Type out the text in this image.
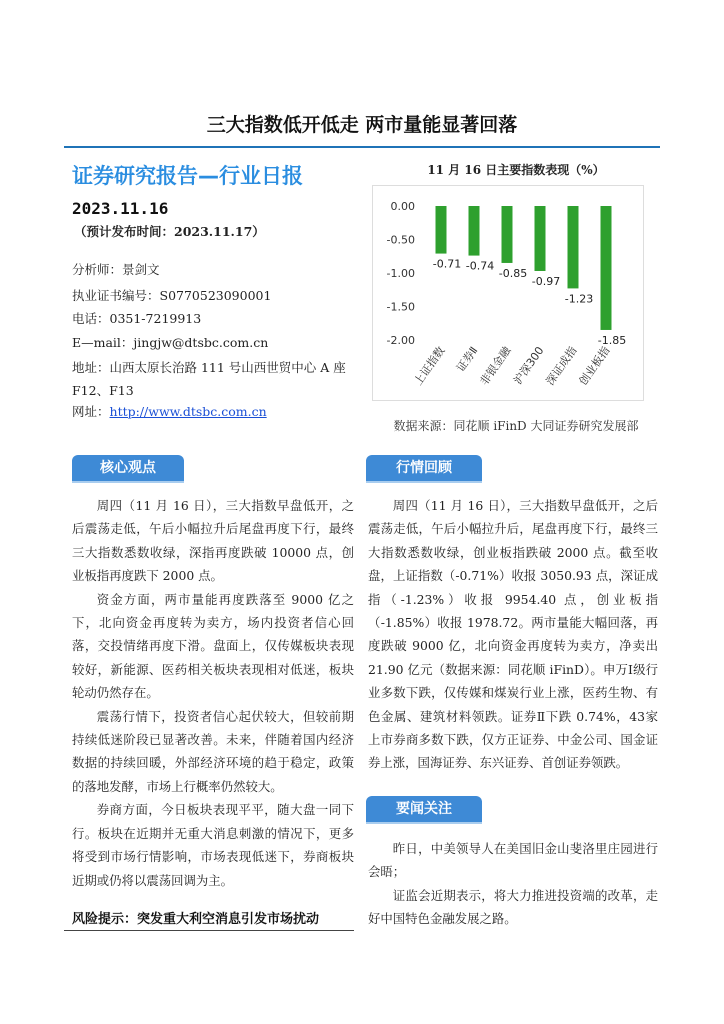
三大指数低开低走 两市量能显著回落
证券研究报告—行业日报
2023.11.16
（预计发布时间：2023.11.17）
分析师：景剑文
执业证书编号：S0770523090001
电话：0351-7219913
E—mail：jingjw@dtsbc.com.cn
地址：山西太原长治路 111 号山西世贸中心 A 座
F12、F13
网址：http://www.dtsbc.com.cn
11 月 16 日主要指数表现（%）
0.00
-0.50
-1.00
-1.50
-2.00
-0.71
上证指数
-0.74
证券Ⅱ
-0.85
非银金融
-0.97
沪深300
-1.23
深证成指
-1.85
创业板指
数据来源：同花顺 iFinD 大同证券研究发展部
核心观点

周四（11 月 16 日），三大指数早盘低开，之后震荡走低，午后小幅拉升后尾盘再度下行，最终三大指数悉数收绿，深指再度跌破 10000 点，创业板指再度跌下 2000 点。

资金方面，两市量能再度跌落至 9000 亿之下，北向资金再度转为卖方，场内投资者信心回落，交投情绪再度下滑。盘面上，仅传媒板块表现较好，新能源、医药相关板块表现相对低迷，板块轮动仍然存在。

震荡行情下，投资者信心起伏较大，但较前期持续低迷阶段已显著改善。未来，伴随着国内经济数据的持续回暖，外部经济环境的趋于稳定，政策的落地发酵，市场上行概率仍然较大。

券商方面，今日板块表现平平，随大盘一同下行。板块在近期并无重大消息刺激的情况下，更多将受到市场行情影响，市场表现低迷下，券商板块近期或仍将以震荡回调为主。

风险提示：突发重大利空消息引发市场扰动
行情回顾

周四（11 月 16 日），三大指数早盘低开，之后震荡走低，午后小幅拉升后，尾盘再度下行，最终三大指数悉数收绿，创业板指跌破 2000 点。截至收盘，上证指数（-0.71%）收报 3050.93 点，深证成指（-1.23%）收报 9954.40 点，创业板指（-1.85%）收报 1978.72。两市量能大幅回落，再度跌破 9000 亿，北向资金再度转为卖方，净卖出 21.90 亿元（数据来源：同花顺 iFinD）。申万Ⅰ级行业多数下跌，仅传媒和煤炭行业上涨，医药生物、有色金属、建筑材料领跌。证券Ⅱ下跌 0.74%，43家上市券商多数下跌，仅方正证券、中金公司、国金证券上涨，国海证券、东兴证券、首创证券领跌。

要闻关注

昨日，中美领导人在美国旧金山斐洛里庄园进行会晤；

证监会近期表示，将大力推进投资端的改革，走好中国特色金融发展之路。
